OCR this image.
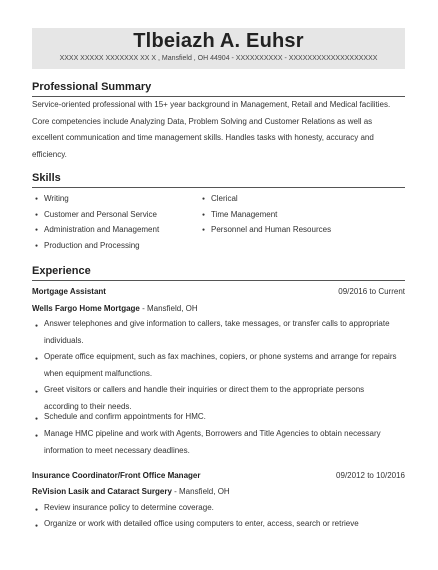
Tlbeiazh A. Euhsr
XXXX XXXXX XXXXXXX XX X , Mansfield , OH 44904 - XXXXXXXXXX - XXXXXXXXXXXXXXXXXXX
Professional Summary
Service-oriented professional with 15+ year background in Management, Retail and Medical facilities. Core competencies include Analyzing Data, Problem Solving and Customer Relations as well as excellent communication and time management skills. Handles tasks with honesty, accuracy and efficiency.
Skills
● Writing
● Customer and Personal Service
● Administration and Management
● Production and Processing
● Clerical
● Time Management
● Personnel and Human Resources
Experience
Mortgage Assistant	09/2016 to Current
Wells Fargo Home Mortgage - Mansfield, OH
● Answer telephones and give information to callers, take messages, or transfer calls to appropriate individuals.
● Operate office equipment, such as fax machines, copiers, or phone systems and arrange for repairs when equipment malfunctions.
● Greet visitors or callers and handle their inquiries or direct them to the appropriate persons according to their needs.
● Schedule and confirm appointments for HMC.
● Manage HMC pipeline and work with Agents, Borrowers and Title Agencies to obtain necessary information to meet necessary deadlines.
Insurance Coordinator/Front Office Manager	09/2012 to 10/2016
ReVision Lasik and Cataract Surgery - Mansfield, OH
● Review insurance policy to determine coverage.
● Organize or work with detailed office using computers to enter, access, search or retrieve
